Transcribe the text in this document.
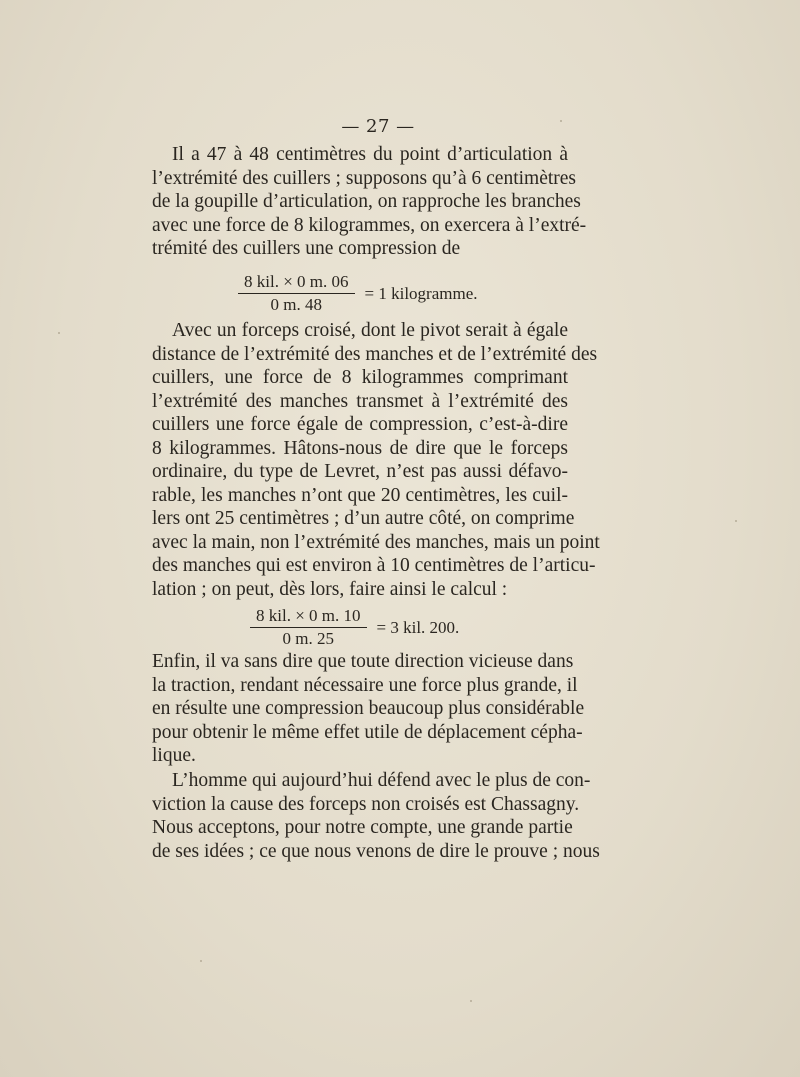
— 27 —
Il a 47 à 48 centimètres du point d’articulation à
l’extrémité des cuillers ; supposons qu’à 6 centimètres
de la goupille d’articulation, on rapproche les branches
avec une force de 8 kilogrammes, on exercera à l’extré-
trémité des cuillers une compression de
$\frac{\text{8 kil. × 0 m. 06}}{0 m. 48} = 1$ kilogramme.
Avec un forceps croisé, dont le pivot serait à égale
distance de l’extrémité des manches et de l’extrémité des
cuillers, une force de 8 kilogrammes comprimant
l’extrémité des manches transmet à l’extrémité des
cuillers une force égale de compression, c’est-à-dire
8 kilogrammes. Hâtons-nous de dire que le forceps
ordinaire, du type de Levret, n’est pas aussi défavo-
rable, les manches n’ont que 20 centimètres, les cuil-
lers ont 25 centimètres ; d’un autre côté, on comprime
avec la main, non l’extrémité des manches, mais un point
des manches qui est environ à 10 centimètres de l’articu-
lation ; on peut, dès lors, faire ainsi le calcul :
$\frac{\text{8 kil. × 0 m. 10}}{0 m. 25} = 3$ kil. 200.
Enfin, il va sans dire que toute direction vicieuse dans
la traction, rendant nécessaire une force plus grande, il
en résulte une compression beaucoup plus considérable
pour obtenir le même effet utile de déplacement cépha-
lique.
L’homme qui aujourd’hui défend avec le plus de con-
viction la cause des forceps non croisés est Chassagny.
Nous acceptons, pour notre compte, une grande partie
de ses idées ; ce que nous venons de dire le prouve ; nous
